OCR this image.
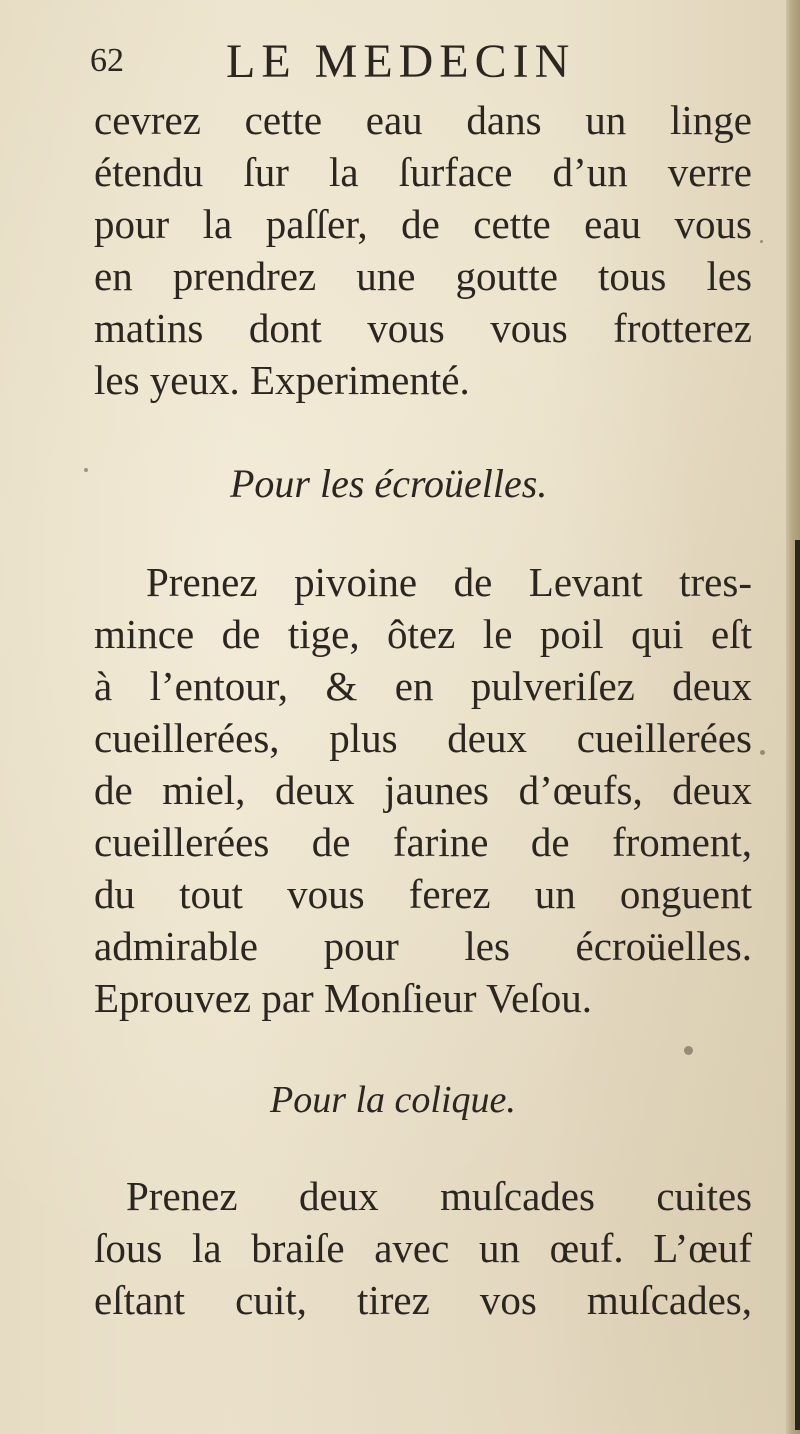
62 LE MEDECIN
cevrez cette eau dans un linge
étendu ſur la ſurface d’un verre
pour la paſſer, de cette eau vous
en prendrez une goutte tous les
matins dont vous vous frotterez
les yeux. Experimenté.
Pour les écroüelles.
Prenez pivoine de Levant tres-
mince de tige, ôtez le poil qui eſt
à l’entour, & en pulveriſez deux
cueillerées, plus deux cueillerées
de miel, deux jaunes d’œufs, deux
cueillerées de farine de froment,
du tout vous ferez un onguent
admirable pour les écroüelles.
Eprouvez par Monſieur Veſou.
Pour la colique.
Prenez deux muſcades cuites
ſous la braiſe avec un œuf. L’œuf
eſtant cuit, tirez vos muſcades,
